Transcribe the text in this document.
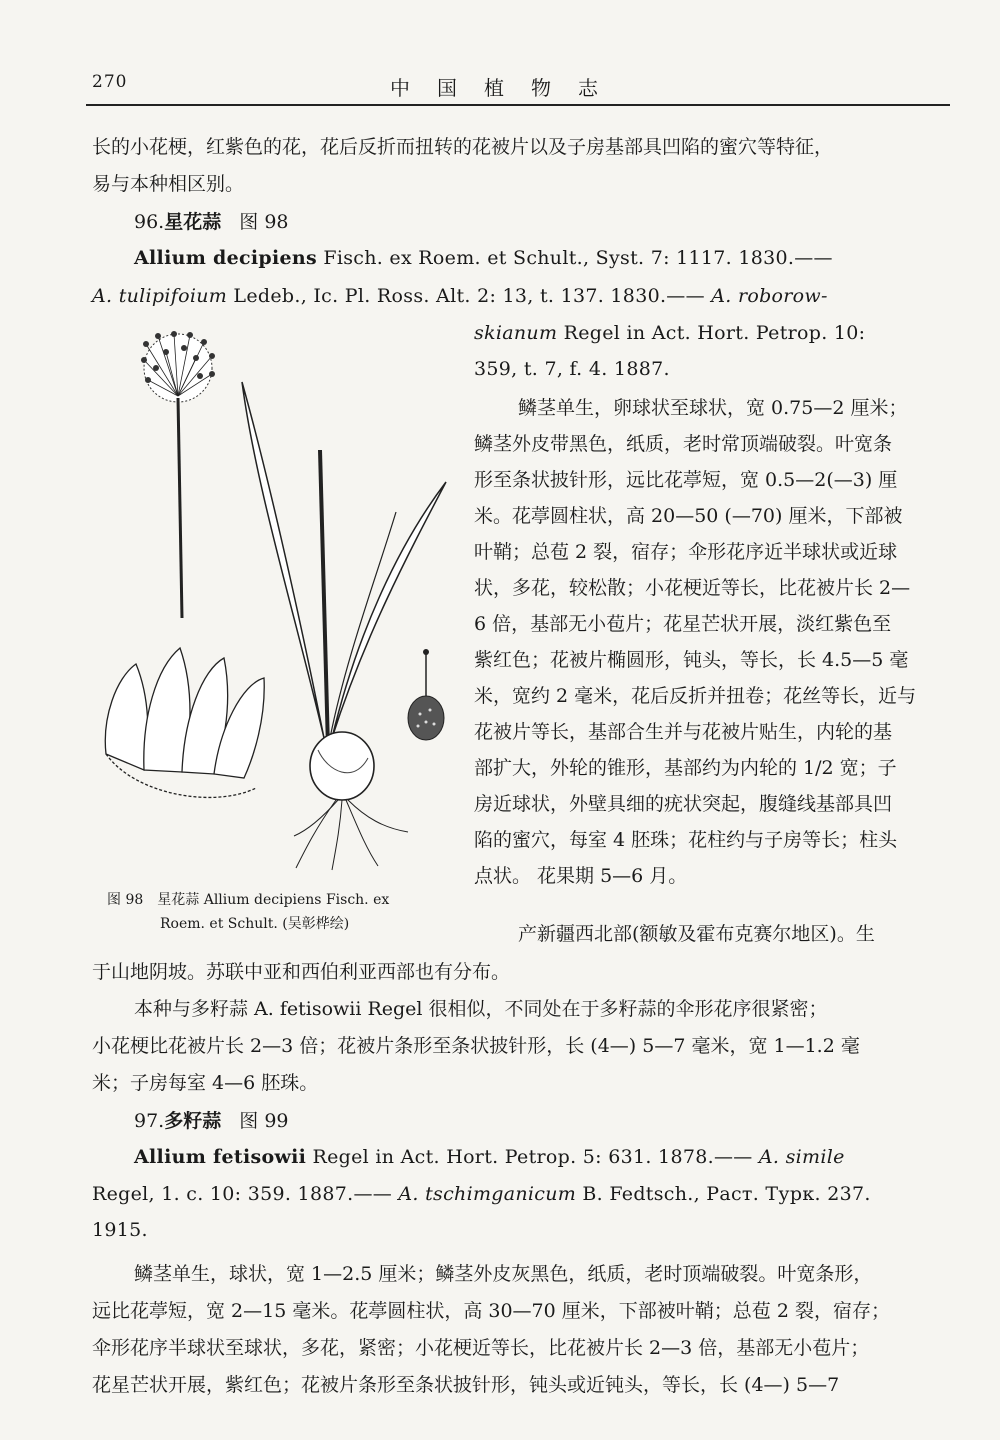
270	中国植物志
长的小花梗，红紫色的花，花后反折而扭转的花被片以及子房基部具凹陷的蜜穴等特征，
易与本种相区别。
96.星花蒜 图 98
Allium decipiens Fisch. ex Roem. et Schult., Syst. 7: 1117. 1830.——
A. tulipifoium Ledeb., Ic. Pl. Ross. Alt. 2: 13, t. 137. 1830.—— A. roborow-
skianum Regel in Act. Hort. Petrop. 10:
359, t. 7, f. 4. 1887.
鳞茎单生，卵球状至球状，宽 0.75—2 厘米；
鳞茎外皮带黑色，纸质，老时常顶端破裂。叶宽条
形至条状披针形，远比花葶短，宽 0.5—2(—3) 厘
米。花葶圆柱状，高 20—50 (—70) 厘米，下部被
叶鞘；总苞 2 裂，宿存；伞形花序近半球状或近球
状，多花，较松散；小花梗近等长，比花被片长 2—
6 倍，基部无小苞片；花星芒状开展，淡红紫色至
紫红色；花被片椭圆形，钝头，等长，长 4.5—5 毫
米，宽约 2 毫米，花后反折并扭卷；花丝等长，近与
花被片等长，基部合生并与花被片贴生，内轮的基
部扩大，外轮的锥形，基部约为内轮的 1/2 宽；子
房近球状，外壁具细的疣状突起，腹缝线基部具凹
陷的蜜穴，每室 4 胚珠；花柱约与子房等长；柱头
点状。 花果期 5—6 月。
产新疆西北部(额敏及霍布克赛尔地区)。生
图 98　星花蒜 Allium decipiens Fisch. ex
Roem. et Schult. (吴彰桦绘)
于山地阴坡。苏联中亚和西伯利亚西部也有分布。
本种与多籽蒜 A. fetisowii Regel 很相似，不同处在于多籽蒜的伞形花序很紧密；
小花梗比花被片长 2—3 倍；花被片条形至条状披针形，长 (4—) 5—7 毫米，宽 1—1.2 毫
米；子房每室 4—6 胚珠。
97.多籽蒜 图 99
Allium fetisowii Regel in Act. Hort. Petrop. 5: 631. 1878.—— A. simile
Regel, 1. c. 10: 359. 1887.—— A. tschimganicum B. Fedtsch., Раст. Турк. 237.
1915.
鳞茎单生，球状，宽 1—2.5 厘米；鳞茎外皮灰黑色，纸质，老时顶端破裂。叶宽条形，
远比花葶短，宽 2—15 毫米。花葶圆柱状，高 30—70 厘米，下部被叶鞘；总苞 2 裂，宿存；
伞形花序半球状至球状，多花，紧密；小花梗近等长，比花被片长 2—3 倍，基部无小苞片；
花星芒状开展，紫红色；花被片条形至条状披针形，钝头或近钝头，等长，长 (4—) 5—7
